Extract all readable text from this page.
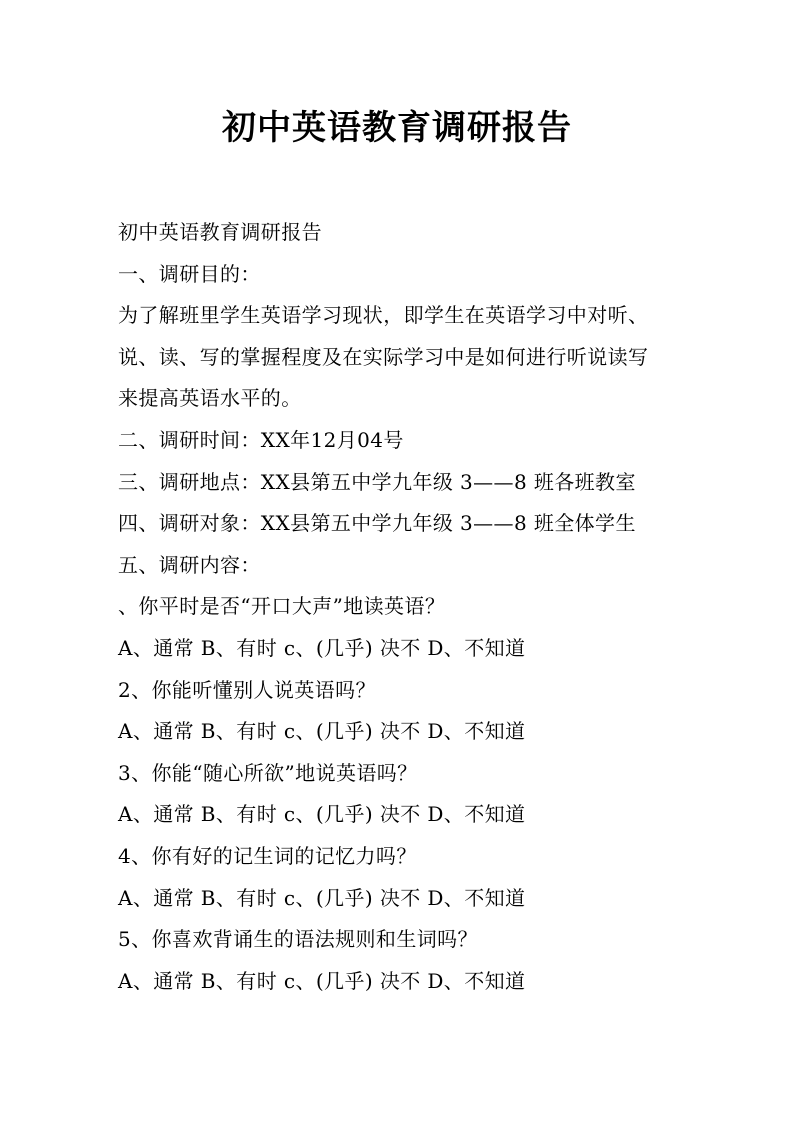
初中英语教育调研报告
初中英语教育调研报告
一、调研目的：
为了解班里学生英语学习现状，即学生在英语学习中对听、
说、读、写的掌握程度及在实际学习中是如何进行听说读写
来提高英语水平的。
二、调研时间：XX年12月04号
三、调研地点：XX县第五中学九年级 3——8 班各班教室
四、调研对象：XX县第五中学九年级 3——8 班全体学生
五、调研内容：
、你平时是否“开口大声”地读英语？
A、通常 B、有时 c、(几乎) 决不 D、不知道
2、你能听懂别人说英语吗？
A、通常 B、有时 c、(几乎) 决不 D、不知道
3、你能“随心所欲”地说英语吗？
A、通常 B、有时 c、(几乎) 决不 D、不知道
4、你有好的记生词的记忆力吗？
A、通常 B、有时 c、(几乎) 决不 D、不知道
5、你喜欢背诵生的语法规则和生词吗？
A、通常 B、有时 c、(几乎) 决不 D、不知道
